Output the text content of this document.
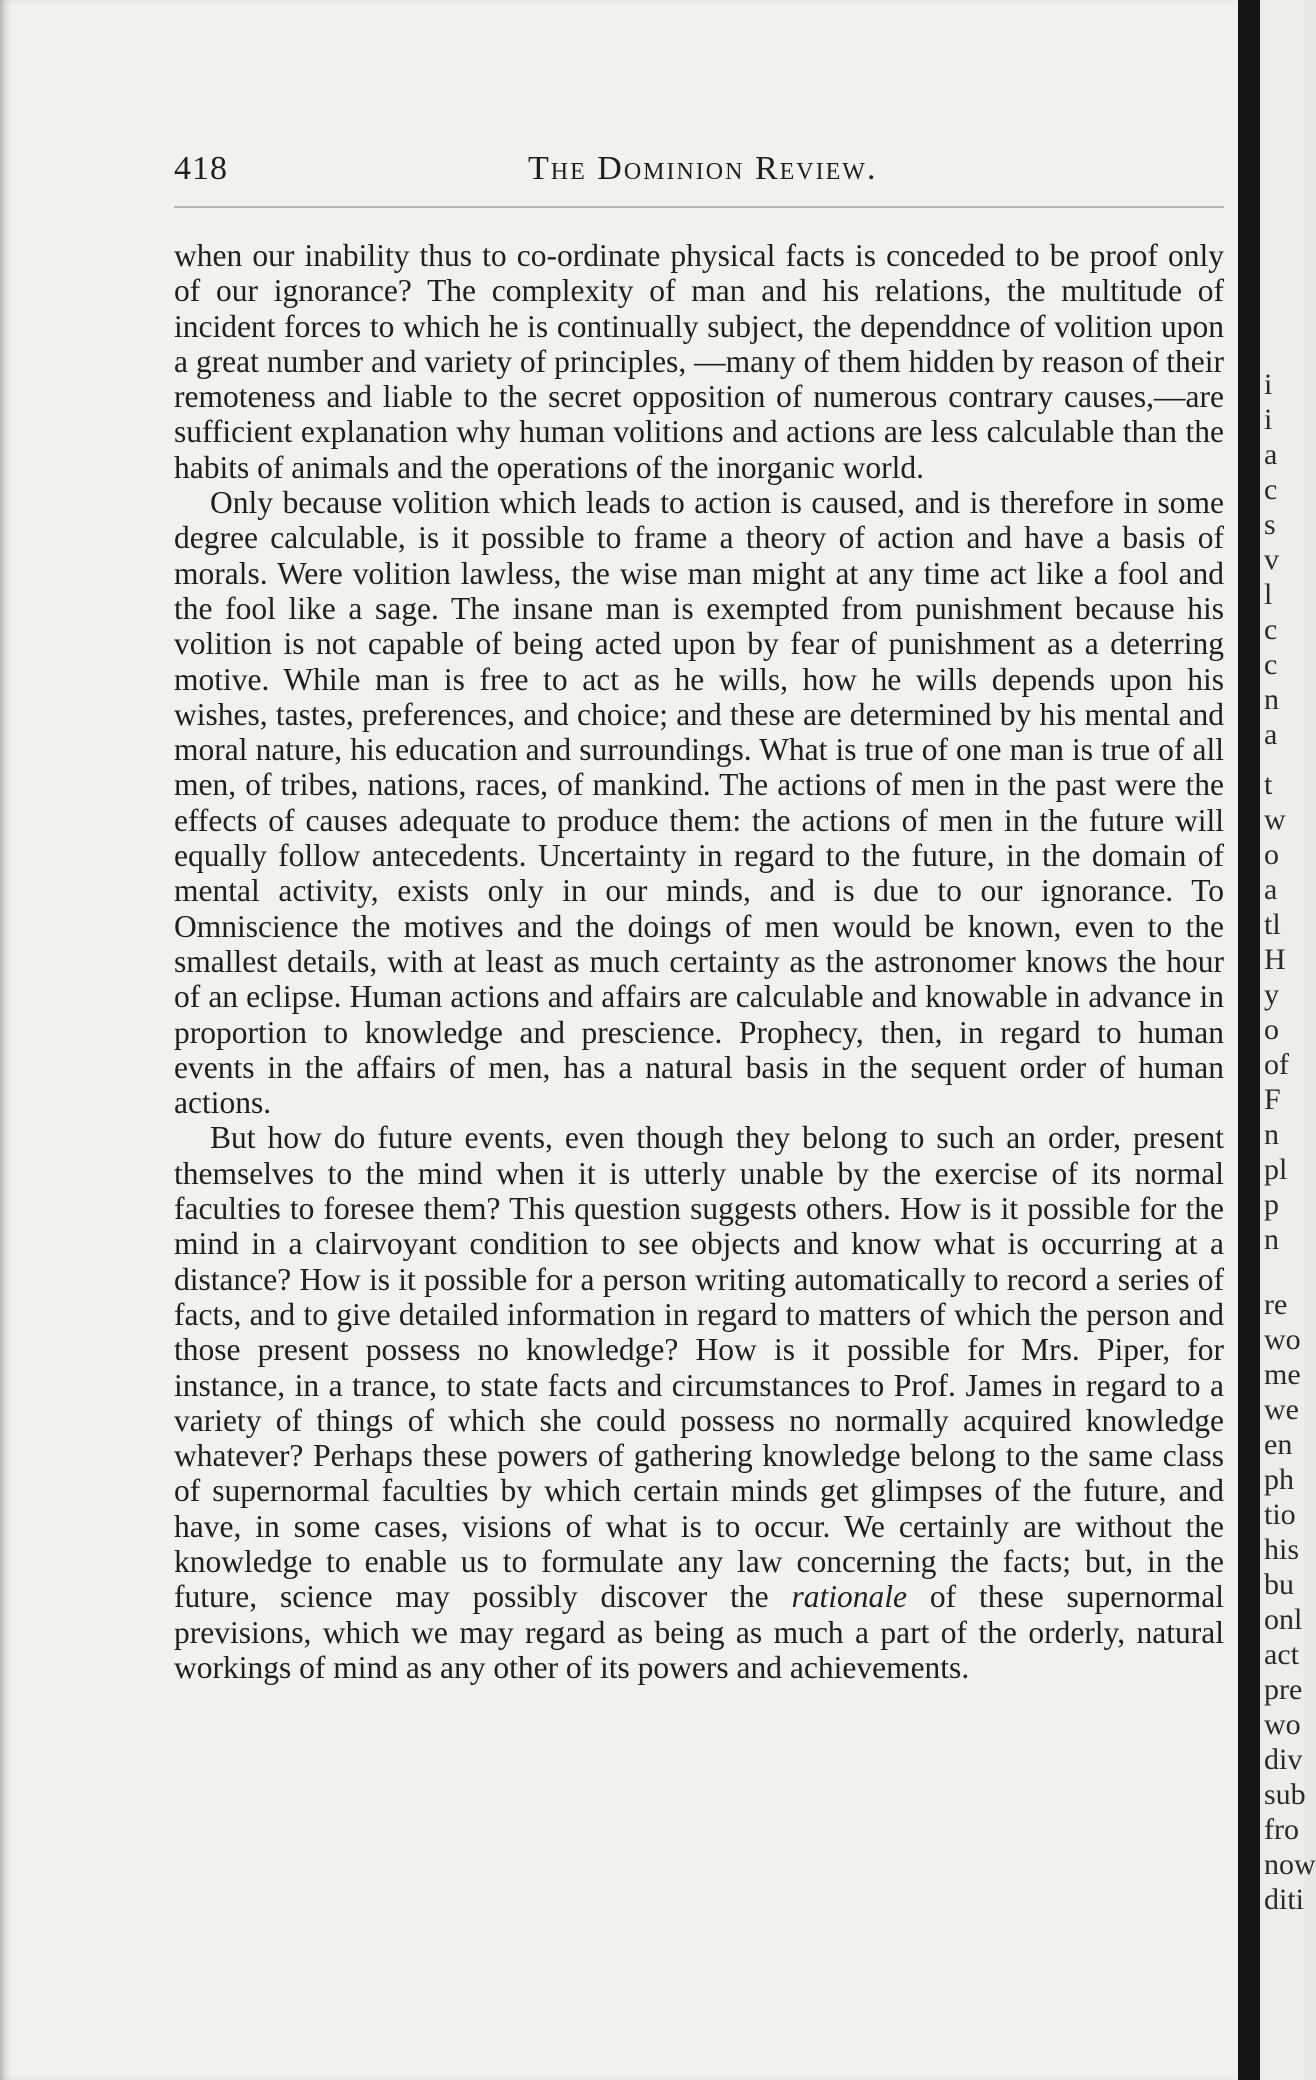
418	The Dominion Review.

when our inability thus to co-ordinate physical facts is conceded to be proof only of our ignorance? The complexity of man and his relations, the multitude of incident forces to which he is continually subject, the dependdnce of volition upon a great number and variety of principles, —many of them hidden by reason of their remoteness and liable to the secret opposition of numerous contrary causes,—are sufficient explanation why human volitions and actions are less calculable than the habits of animals and the operations of the inorganic world.

Only because volition which leads to action is caused, and is therefore in some degree calculable, is it possible to frame a theory of action and have a basis of morals. Were volition lawless, the wise man might at any time act like a fool and the fool like a sage. The insane man is exempted from punishment because his volition is not capable of being acted upon by fear of punishment as a deterring motive. While man is free to act as he wills, how he wills depends upon his wishes, tastes, preferences, and choice; and these are determined by his mental and moral nature, his education and surroundings. What is true of one man is true of all men, of tribes, nations, races, of mankind. The actions of men in the past were the effects of causes adequate to produce them: the actions of men in the future will equally follow antecedents. Uncertainty in regard to the future, in the domain of mental activity, exists only in our minds, and is due to our ignorance. To Omniscience the motives and the doings of men would be known, even to the smallest details, with at least as much certainty as the astronomer knows the hour of an eclipse. Human actions and affairs are calculable and knowable in advance in proportion to knowledge and prescience. Prophecy, then, in regard to human events in the affairs of men, has a natural basis in the sequent order of human actions.

But how do future events, even though they belong to such an order, present themselves to the mind when it is utterly unable by the exercise of its normal faculties to foresee them? This question suggests others. How is it possible for the mind in a clairvoyant condition to see objects and know what is occurring at a distance? How is it possible for a person writing automatically to record a series of facts, and to give detailed information in regard to matters of which the person and those present possess no knowledge? How is it possible for Mrs. Piper, for instance, in a trance, to state facts and circumstances to Prof. James in regard to a variety of things of which she could possess no normally acquired knowledge whatever? Perhaps these powers of gathering knowledge belong to the same class of supernormal faculties by which certain minds get glimpses of the future, and have, in some cases, visions of what is to occur. We certainly are without the knowledge to enable us to formulate any law concerning the facts; but, in the future, science may possibly discover the rationale of these supernormal previsions, which we may regard as being as much a part of the orderly, natural workings of mind as any other of its powers and achievements.

i
i
a
c
s
v
l
c
c
n
a
t
w
o
a
tl
H
y
o
of
F
n
pl
p
n
re
wo
me
we
en
ph
tio
his
bu
onl
act
pre
wo
div
sub
fro
now
diti
